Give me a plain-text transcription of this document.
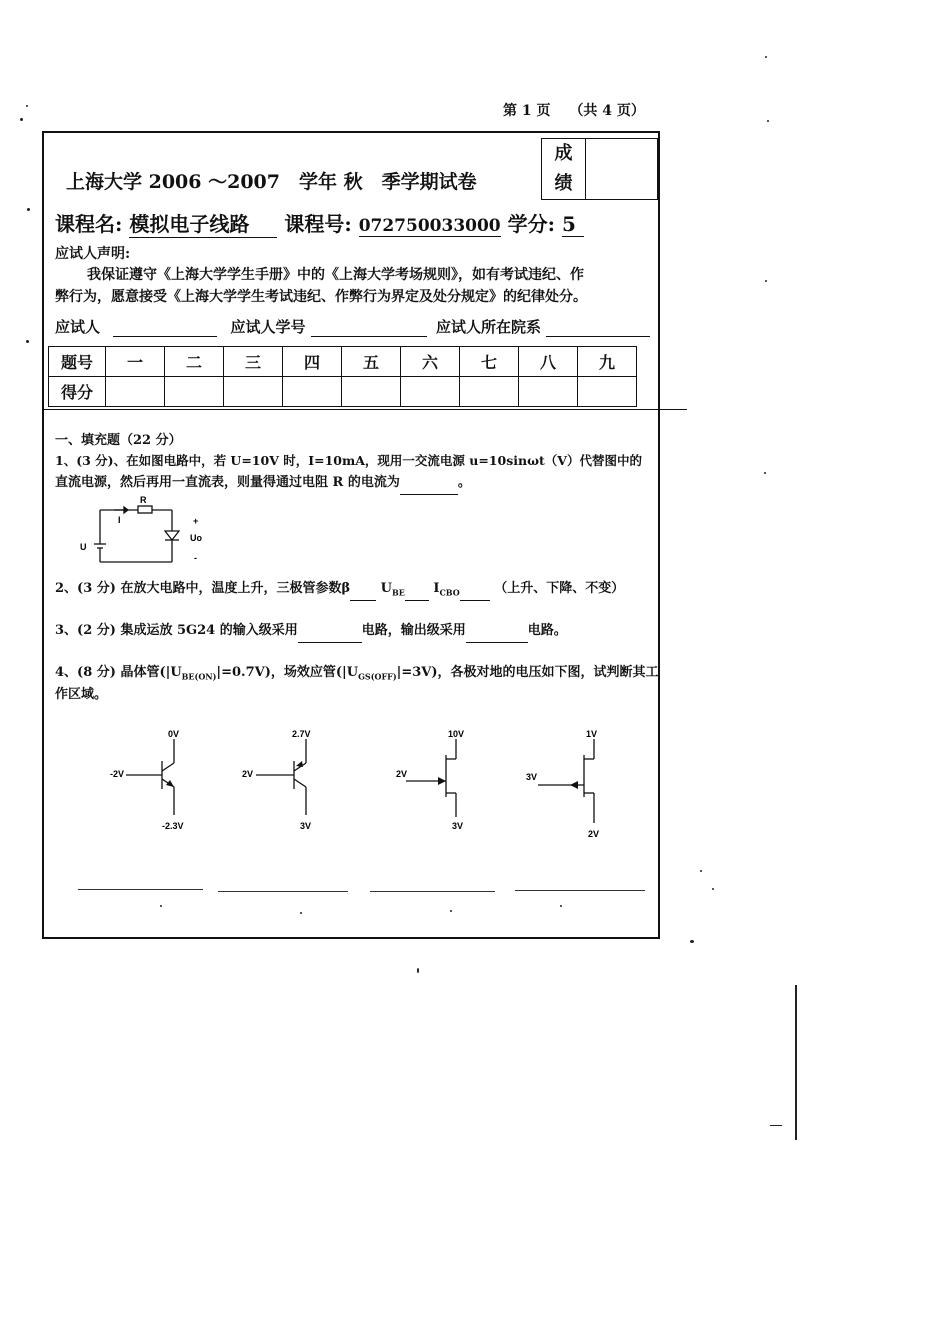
第 1 页 （共 4 页）
上海大学 2006 ～2007　学年 秋　季学期试卷
成
绩
课程名: 模拟电子线路 课程号: 072750033000 学分: 5
应试人声明:
我保证遵守《上海大学学生手册》中的《上海大学考场规则》，如有考试违纪、作
弊行为，愿意接受《上海大学学生考试违纪、作弊行为界定及处分规定》的纪律处分。
应试人	应试人学号	应试人所在院系
题号	一	二	三	四	五	六	七	八	九
得分									
一、填充题（22 分）
1、(3 分)、在如图电路中，若 U=10V 时，I=10mA，现用一交流电源 u=10sinωt（V）代替图中的
直流电源，然后再用一直流表，则量得通过电阻 R 的电流为	。
R
I
U
+
Uo
-
2、(3 分) 在放大电路中，温度上升，三极管参数β $U_{BE}$ $I_{CBO}$	（上升、下降、不变）
3、(2 分) 集成运放 5G24 的输入级采用	电路，输出级采用	电路。
4、(8 分) 晶体管$(|U_{BE(ON)}|=0.7V)$，场效应管$(|U_{GS(OFF)}|=3V)$，各极对地的电压如下图，试判断其工
作区域。
0V
-2V
-2.3V
2.7V
2V
3V
10V
2V
3V
1V
3V
2V
